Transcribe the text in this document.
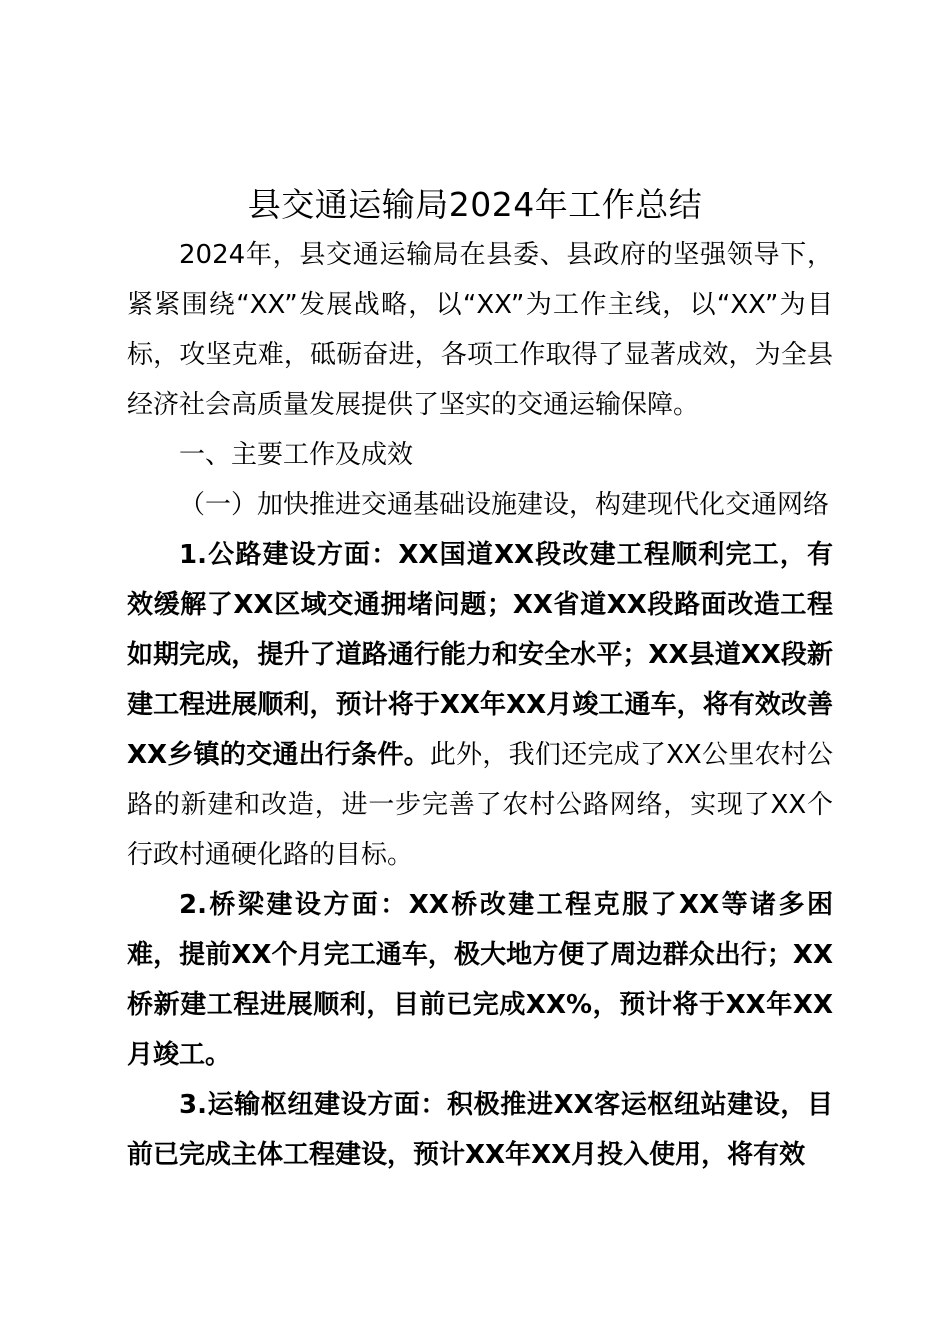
县交通运输局2024年工作总结

2024年，县交通运输局在县委、县政府的坚强领导下，紧紧围绕“XX”发展战略，以“XX”为工作主线，以“XX”为目标，攻坚克难，砥砺奋进，各项工作取得了显著成效，为全县经济社会高质量发展提供了坚实的交通运输保障。

一、主要工作及成效

（一）加快推进交通基础设施建设，构建现代化交通网络

1.公路建设方面：XX国道XX段改建工程顺利完工，有效缓解了XX区域交通拥堵问题；XX省道XX段路面改造工程如期完成，提升了道路通行能力和安全水平；XX县道XX段新建工程进展顺利，预计将于XX年XX月竣工通车，将有效改善XX乡镇的交通出行条件。此外，我们还完成了XX公里农村公路的新建和改造，进一步完善了农村公路网络，实现了XX个行政村通硬化路的目标。

2.桥梁建设方面：XX桥改建工程克服了XX等诸多困难，提前XX个月完工通车，极大地方便了周边群众出行；XX桥新建工程进展顺利，目前已完成XX%，预计将于XX年XX月竣工。

3.运输枢纽建设方面：积极推进XX客运枢纽站建设，目前已完成主体工程建设，预计XX年XX月投入使用，将有效
